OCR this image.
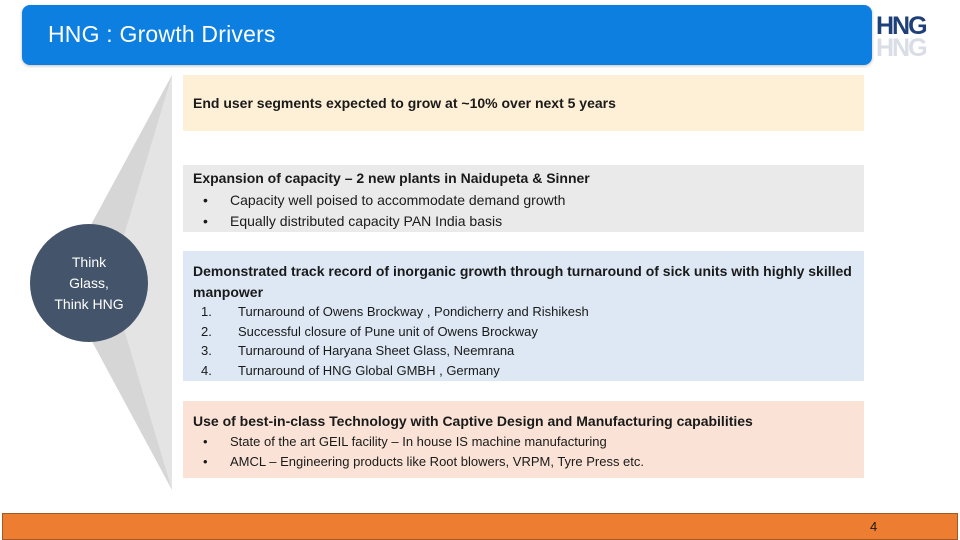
HNG : Growth Drivers	HNG
HNG
Think
Glass,
Think HNG
End user segments expected to grow at ~10% over next 5 years
Expansion of capacity – 2 new plants in Naidupeta & Sinner
• Capacity well poised to accommodate demand growth
• Equally distributed capacity PAN India basis
Demonstrated track record of inorganic growth through turnaround of sick units with highly skilled manpower
1. Turnaround of Owens Brockway , Pondicherry and Rishikesh
2. Successful closure of Pune unit of Owens Brockway
3. Turnaround of Haryana Sheet Glass, Neemrana
4. Turnaround of HNG Global GMBH , Germany
Use of best-in-class Technology with Captive Design and Manufacturing capabilities
• State of the art GEIL facility – In house IS machine manufacturing
• AMCL – Engineering products like Root blowers, VRPM, Tyre Press etc.
4
